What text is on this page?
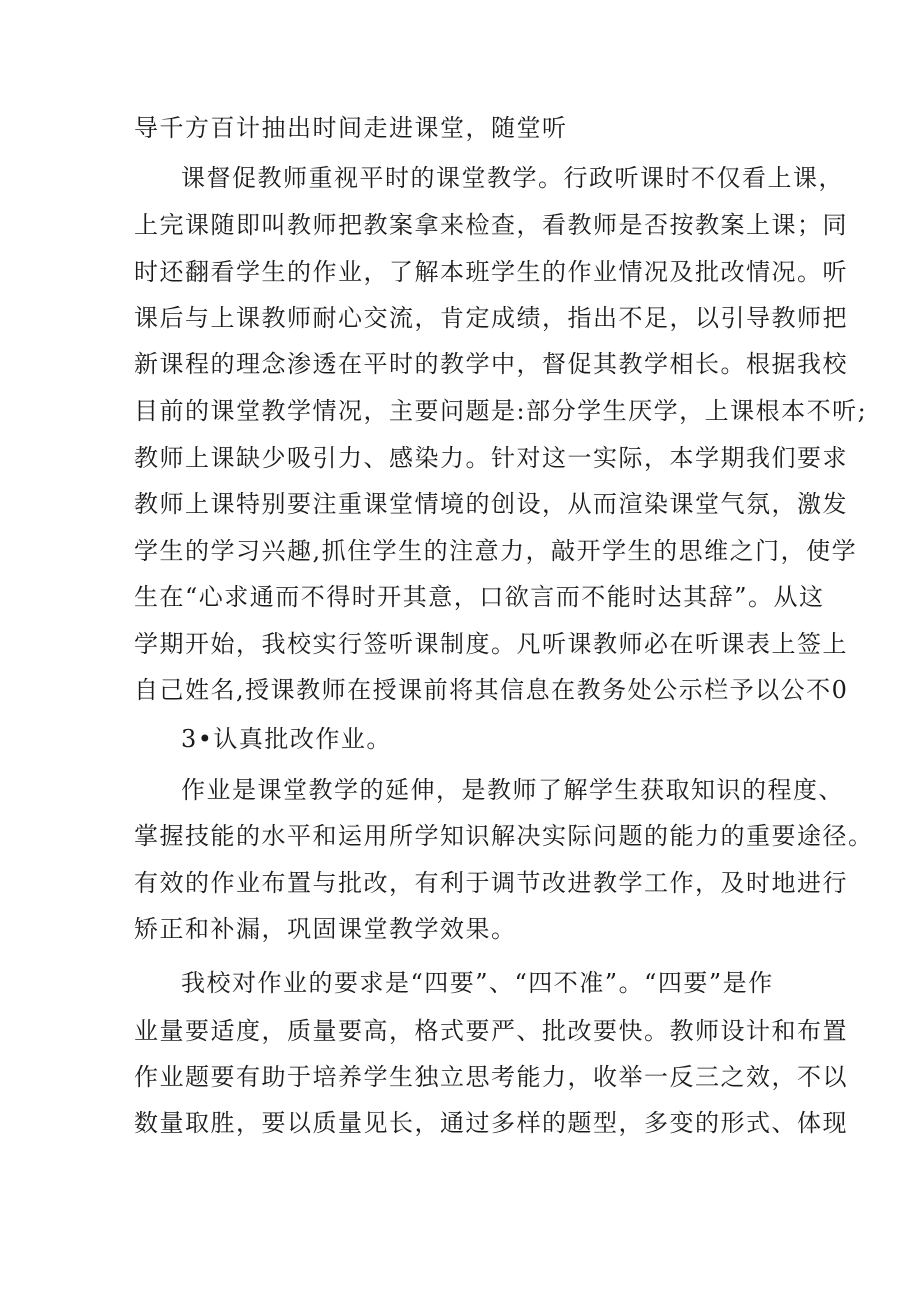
导千方百计抽出时间走进课堂，随堂听

课督促教师重视平时的课堂教学。行政听课时不仅看上课，

上完课随即叫教师把教案拿来检查，看教师是否按教案上课；同

时还翻看学生的作业，了解本班学生的作业情况及批改情况。听

课后与上课教师耐心交流，肯定成绩，指出不足，以引导教师把

新课程的理念渗透在平时的教学中，督促其教学相长。根据我校

目前的课堂教学情况，主要问题是:部分学生厌学，上课根本不听;

教师上课缺少吸引力、感染力。针对这一实际，本学期我们要求

教师上课特别要注重课堂情境的创设，从而渲染课堂气氛，激发

学生的学习兴趣,抓住学生的注意力，敲开学生的思维之门，使学

生在“心求通而不得时开其意，口欲言而不能时达其辞”。从这

学期开始，我校实行签听课制度。凡听课教师必在听课表上签上

自己姓名,授课教师在授课前将其信息在教务处公示栏予以公不0

3•认真批改作业。

作业是课堂教学的延伸，是教师了解学生获取知识的程度、

掌握技能的水平和运用所学知识解决实际问题的能力的重要途径。

有效的作业布置与批改，有利于调节改进教学工作，及时地进行

矫正和补漏，巩固课堂教学效果。

我校对作业的要求是“四要”、“四不准”。“四要”是作

业量要适度，质量要高，格式要严、批改要快。教师设计和布置

作业题要有助于培养学生独立思考能力，收举一反三之效，不以

数量取胜，要以质量见长，通过多样的题型，多变的形式、体现
